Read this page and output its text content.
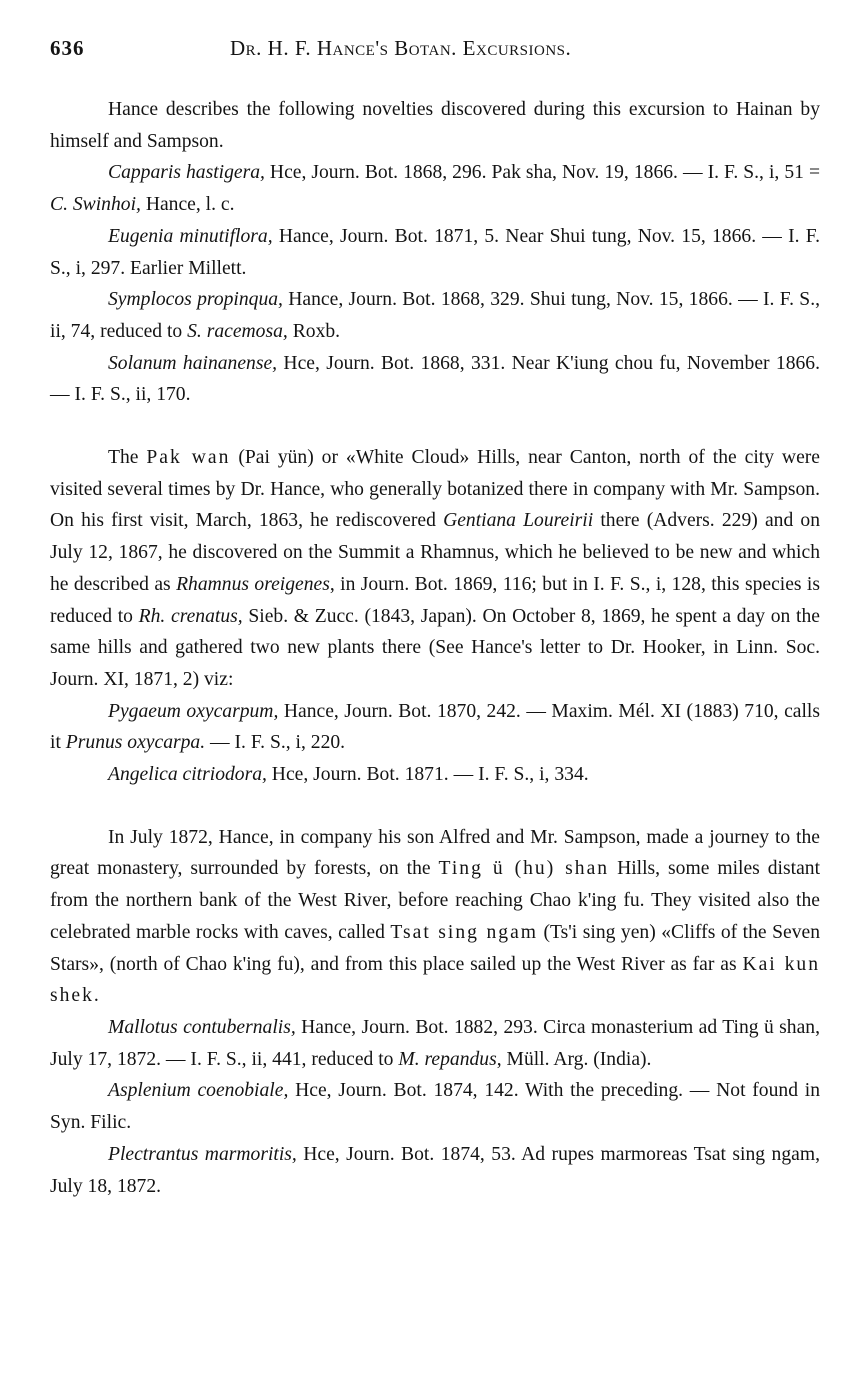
636	Dr. H. F. Hance's Botan. Excursions.

Hance describes the following novelties discovered during this excursion to Hainan by himself and Sampson.

Capparis hastigera, Hce, Journ. Bot. 1868, 296. Pak sha, Nov. 19, 1866. — I. F. S., i, 51 = C. Swinhoi, Hance, l. c.

Eugenia minutiflora, Hance, Journ. Bot. 1871, 5. Near Shui tung, Nov. 15, 1866. — I. F. S., i, 297. Earlier Millett.

Symplocos propinqua, Hance, Journ. Bot. 1868, 329. Shui tung, Nov. 15, 1866. — I. F. S., ii, 74, reduced to S. racemosa, Roxb.

Solanum hainanense, Hce, Journ. Bot. 1868, 331. Near K'iung chou fu, November 1866. — I. F. S., ii, 170.

The Pak wan (Pai yün) or «White Cloud» Hills, near Canton, north of the city were visited several times by Dr. Hance, who generally botanized there in company with Mr. Sampson. On his first visit, March, 1863, he rediscovered Gentiana Loureirii there (Advers. 229) and on July 12, 1867, he discovered on the Summit a Rhamnus, which he believed to be new and which he described as Rhamnus oreigenes, in Journ. Bot. 1869, 116; but in I. F. S., i, 128, this species is reduced to Rh. crenatus, Sieb. & Zucc. (1843, Japan). On October 8, 1869, he spent a day on the same hills and gathered two new plants there (See Hance's letter to Dr. Hooker, in Linn. Soc. Journ. XI, 1871, 2) viz:

Pygaeum oxycarpum, Hance, Journ. Bot. 1870, 242. — Maxim. Mél. XI (1883) 710, calls it Prunus oxycarpa. — I. F. S., i, 220.

Angelica citriodora, Hce, Journ. Bot. 1871. — I. F. S., i, 334.

In July 1872, Hance, in company his son Alfred and Mr. Sampson, made a journey to the great monastery, surrounded by forests, on the Ting ü (hu) shan Hills, some miles distant from the northern bank of the West River, before reaching Chao k'ing fu. They visited also the celebrated marble rocks with caves, called Tsat sing ngam (Ts'i sing yen) «Cliffs of the Seven Stars», (north of Chao k'ing fu), and from this place sailed up the West River as far as Kai kun shek.

Mallotus contubernalis, Hance, Journ. Bot. 1882, 293. Circa monasterium ad Ting ü shan, July 17, 1872. — I. F. S., ii, 441, reduced to M. repandus, Müll. Arg. (India).

Asplenium coenobiale, Hce, Journ. Bot. 1874, 142. With the preceding. — Not found in Syn. Filic.

Plectrantus marmoritis, Hce, Journ. Bot. 1874, 53. Ad rupes marmoreas Tsat sing ngam, July 18, 1872.
